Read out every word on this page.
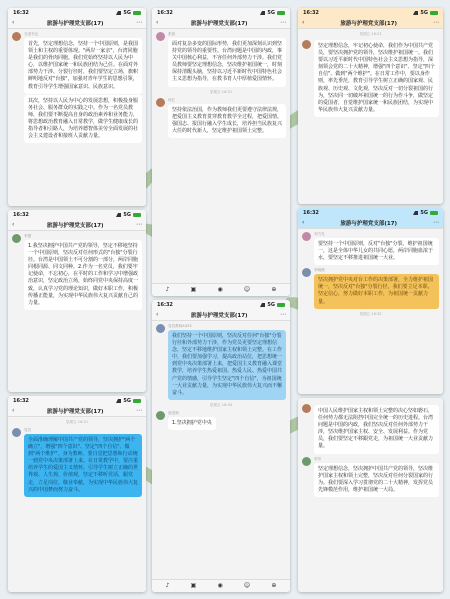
16:32	5G
‹	旅游与护理党支部(17)	⋯
支部书记
首先，坚定理想信念，坚持一个中国原则，是我国领土和主权的重要体现。"两岸一家亲"，台湾同胞是我们的骨肉同胞。我们党始终坚持以人民为中心，以维护国家统一和民族团结为己任。在面对外部势力干涉、分裂行径时，我们要坚定立场，旗帜鲜明地反对"台独"，加强对青年学生的思想引领，教育引导学生增强国家意识、民族意识。
其次，坚持以人民为中心的发展思想，积极投身服务社会、服务群众的实践之中。作为一名党员教师，我们要不断提高自身的政治素养和业务能力，将思想政治教育融入日常教学，做学生健康成长的指导者和引路人，为培养德智体美劳全面发展的社会主义建设者和接班人贡献力量。
16:32	5G
‹	旅游与护理党支部(17)	⋯
李慧
1.我坚决拥护中国共产党的领导，坚定不移地坚持一个中国原则，坚决反对任何形式的"台独"分裂行径。台湾是中国领土不可分割的一部分，两岸同胞同根同源、同文同种。2.作为一名党员，我们要牢记使命，不忘初心，在平时的工作和学习中增强政治意识，坚定政治立场，始终同党中央保持高度一致，认真学习党的理论知识，做好本职工作，积极传播正能量，为实现中华民族伟大复兴贡献自己的力量。
16:32	5G
‹	旅游与护理党支部(17)	⋯
星期五 16:21
党员
全面准确理解中国共产党的领导，坚决拥护"两个确立"，增强"四个意识"、坚定"四个自信"、做到"两个维护"。身为教师，要自觉把思想和行动统一到党中央决策部署上来。在日常教学中，要注重培养学生的爱国主义情怀，引导学生树立正确的世界观、人生观、价值观，坚定不移听党话、跟党走，立足岗位，敬业奉献，为实现中华民族伟大复兴的中国梦而努力奋斗。
16:32	5G
‹	旅游与护理党支部(17)	⋯
张凯
面对复杂多变的国际形势，我们更加深刻认识到坚持党的领导的重要性。台湾问题是中国的内政，事关中国核心利益，不容任何外部势力干涉。我们党员教师要坚定理想信念，坚决维护祖国统一，时刻保持清醒头脑，坚持以习近平新时代中国特色社会主义思想为指导，在教书育人中厚植爱国情怀。
星期五 16:21
何红
坚持依法治国，作为教师我们更要遵守法律法规，把爱国主义教育贯穿教育教学全过程，把爱国情、强国志、报国行融入学生成长，培养担当民族复兴大任的时代新人，坚定维护祖国领土完整。
♪	▣	◉	☺	⊕
16:32	5G
‹	旅游与护理党支部(17)	⋯
党员教师4423
我们坚持一个中国原则，坚决反对任何"台独"分裂行径和外部势力干涉，作为党员更要坚定理想信念，坚定不移地维护国家主权和领土完整。在工作中，我们要加强学习，提高政治站位，把思想统一到党中央决策部署上来，把爱国主义教育融入课堂教学，培养学生热爱祖国、热爱人民、热爱中国共产党的情感，引导学生坚定"四个自信"，为祖国统一大业贡献力量，为实现中华民族伟大复兴而不懈奋斗。
星期五 16:34
周老师
1.坚决拥护党中央
♪	▣	◉	☺	⊕
16:32	5G
‹	旅游与护理党支部(17)	⋯
星期五 16:21
坚定理想信念，牢记初心使命，我们作为中国共产党员，要坚决拥护党的领导，坚决维护祖国统一。我们要以习近平新时代中国特色社会主义思想为指导，深刻领会党的二十大精神，增强"四个意识"、坚定"四个自信"、做到"两个维护"。在日常工作中，要以身作则，率先垂范，教育引导学生树立正确的国家观、民族观、历史观、文化观，坚决反对一切分裂祖国的行为，坚决同一切破坏祖国统一的行为作斗争，做坚定的爱国者，自觉维护国家统一和民族团结，为实现中华民族伟大复兴贡献力量。
16:32	5G
‹	旅游与护理党支部(17)	⋯
刘力先
要坚持一个中国原则，反对"台独"分裂，维护祖国统一，这是全体中华儿女的共同心愿，两岸同胞血浓于水，要坚定不移推进祖国统一大业。
李晓媛
坚决拥护党中央对台工作的决策部署，全力维护祖国统一，坚决反对"台独"分裂行径，我们要立足本职、坚定信心，努力做好本职工作，为祖国统一贡献力量。
星期五 16:32
中国人民维护国家主权和领土完整的决心坚如磐石，任何势力都无法阻挡中国完全统一的历史进程。台湾问题是中国的内政，我们坚决反对任何外部势力干涉，坚决维护国家主权、安全、发展利益。作为党员，我们要坚定不移跟党走，为祖国统一大业贡献力量。
李芳
坚定理想信念，坚决拥护中国共产党的领导，坚决维护国家主权和领土完整，坚决反对任何分裂国家的行为。我们要深入学习贯彻党的二十大精神，发挥党员先锋模范作用，维护祖国统一大局。
